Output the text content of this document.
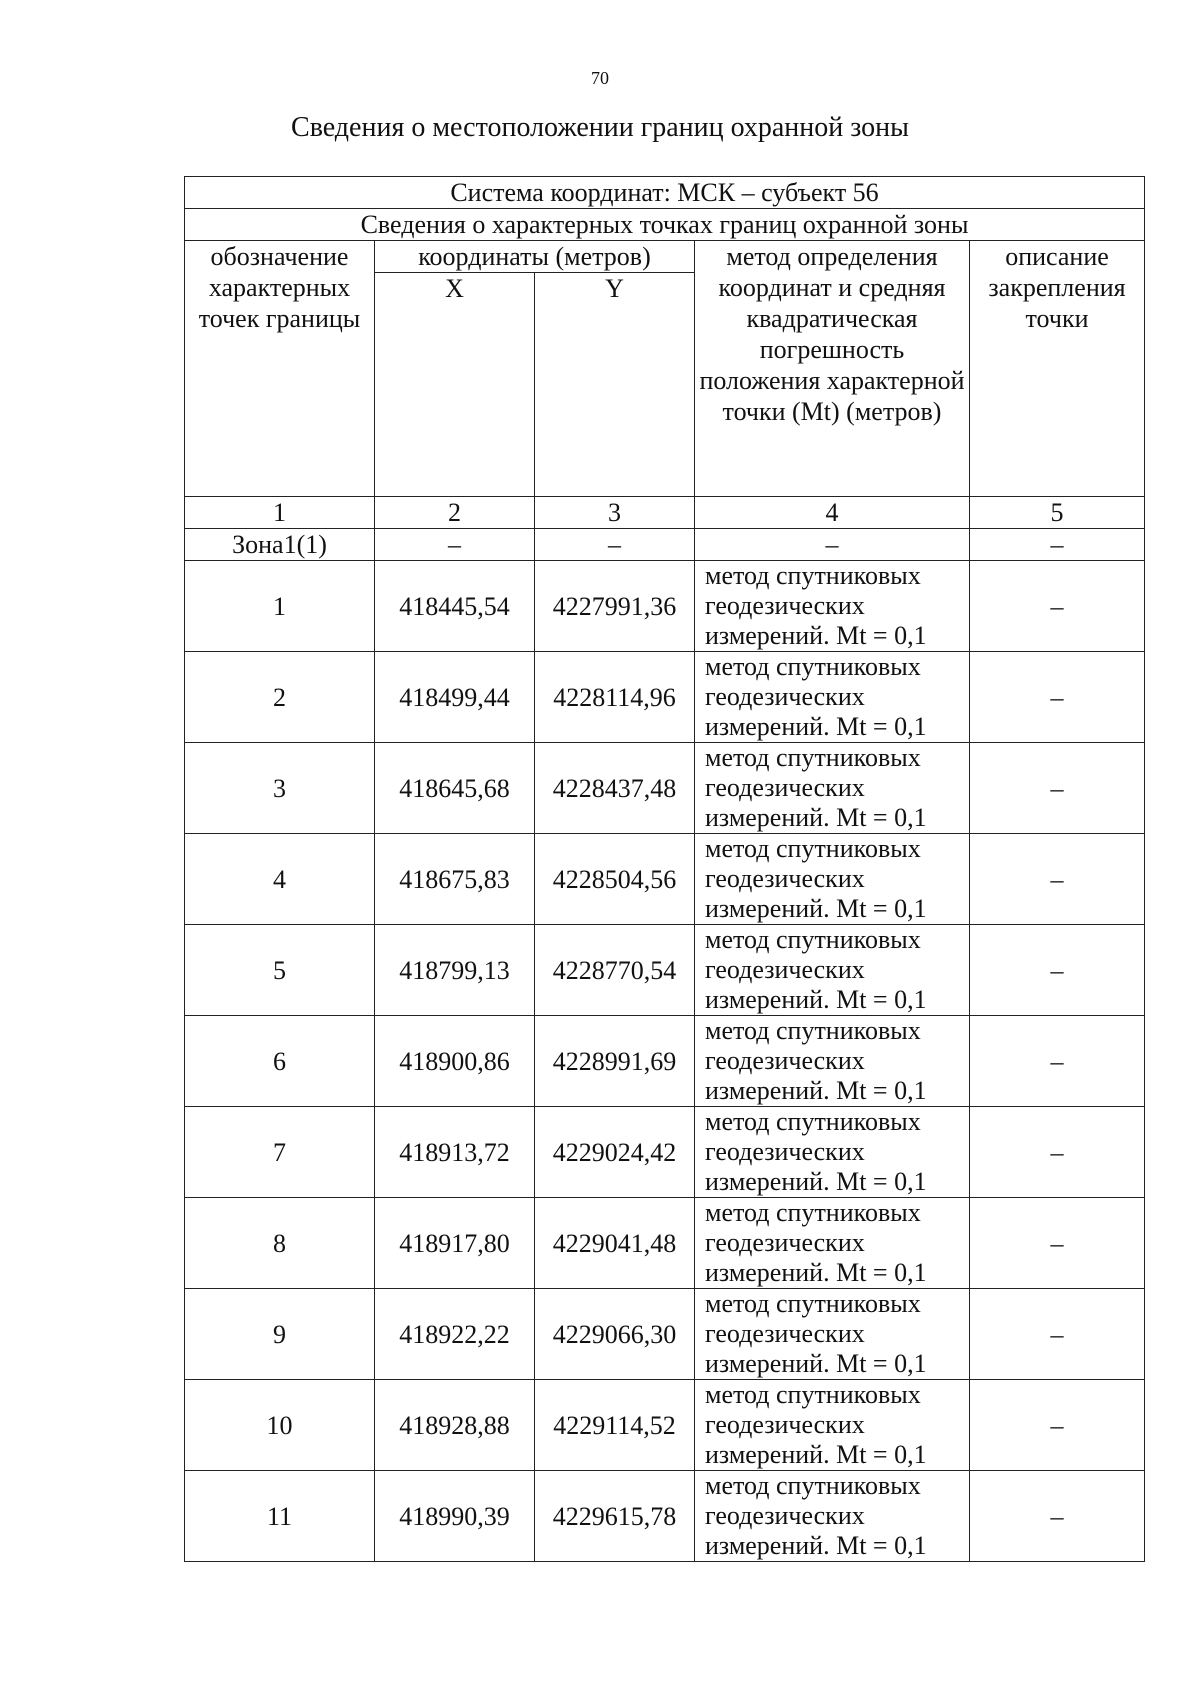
70
Сведения о местоположении границ охранной зоны
Система координат: МСК – субъект 56				
Сведения о характерных точках границ охранной зоны				
обозначение характерных точек границы	координаты (метров)		метод определения координат и средняя квадратическая погрешность положения характерной точки (Mt) (метров)	описание закрепления точки
	X	Y		
1	2	3	4	5
Зона1(1)	–	–	–	–
1	418445,54	4227991,36	метод спутниковых геодезических измерений. Mt = 0,1	–
2	418499,44	4228114,96	метод спутниковых геодезических измерений. Mt = 0,1	–
3	418645,68	4228437,48	метод спутниковых геодезических измерений. Mt = 0,1	–
4	418675,83	4228504,56	метод спутниковых геодезических измерений. Mt = 0,1	–
5	418799,13	4228770,54	метод спутниковых геодезических измерений. Mt = 0,1	–
6	418900,86	4228991,69	метод спутниковых геодезических измерений. Mt = 0,1	–
7	418913,72	4229024,42	метод спутниковых геодезических измерений. Mt = 0,1	–
8	418917,80	4229041,48	метод спутниковых геодезических измерений. Mt = 0,1	–
9	418922,22	4229066,30	метод спутниковых геодезических измерений. Mt = 0,1	–
10	418928,88	4229114,52	метод спутниковых геодезических измерений. Mt = 0,1	–
11	418990,39	4229615,78	метод спутниковых геодезических измерений. Mt = 0,1	–
